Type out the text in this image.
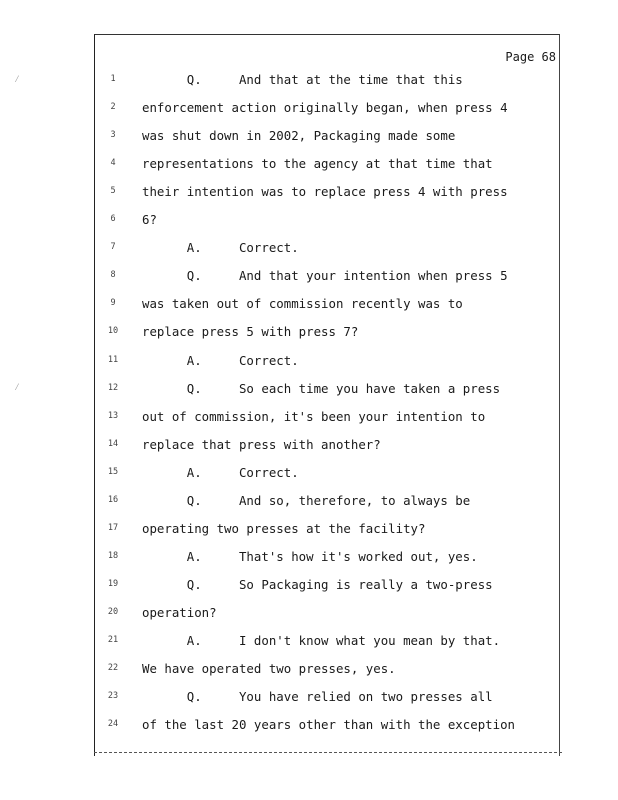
⁄
⁄
Page 68
1	Q.     And that at the time that this
2	enforcement action originally began, when press 4
3	was shut down in 2002, Packaging made some
4	representations to the agency at that time that
5	their intention was to replace press 4 with press
6	6?
7	A.     Correct.
8	Q.     And that your intention when press 5
9	was taken out of commission recently was to
10	replace press 5 with press 7?
11	A.     Correct.
12	Q.     So each time you have taken a press
13	out of commission, it's been your intention to
14	replace that press with another?
15	A.     Correct.
16	Q.     And so, therefore, to always be
17	operating two presses at the facility?
18	A.     That's how it's worked out, yes.
19	Q.     So Packaging is really a two-press
20	operation?
21	A.     I don't know what you mean by that.
22	We have operated two presses, yes.
23	Q.     You have relied on two presses all
24	of the last 20 years other than with the exception
